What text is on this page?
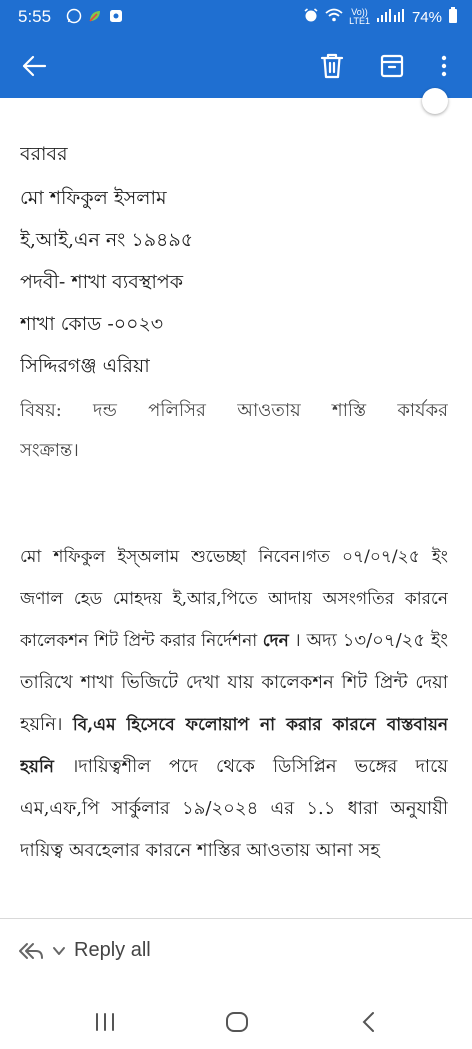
5:55	Vo))
LTE1	74%
বরাবর
মো শফিকুল ইসলাম
ই,আই,এন নং ১৯৪৯৫
পদবী- শাখা ব্যবস্থাপক
শাখা কোড -০০২৩
সিদ্দিরগঞ্জ এরিয়া
বিষয়: দন্ড পলিসির আওতায় শাস্তি কার্যকর
সংক্রান্ত।
মো শফিকুল ইস্অলাম শুভেচ্ছা নিবেন।গত ০৭/০৭/২৫ ইং জণাল হেড মোহদয় ই,আর,পিতে আদায় অসংগতির কারনে কালেকশন শিট প্রিন্ট করার নির্দেশনা দেন । অদ্য ১৩/০৭/২৫ ইং তারিখে শাখা ভিজিটে দেখা যায় কালেকশন শিট প্রিন্ট দেয়া হয়নি। বি,এম হিসেবে ফলোয়াপ না করার কারনে বাস্তবায়ন হয়নি ।দায়িত্বশীল পদে থেকে ডিসিপ্লিন ভঙ্গের দায়ে এম,এফ,পি সার্কুলার ১৯/২০২৪ এর ১.১ ধারা অনুযায়ী দায়িত্ব অবহেলার কারনে শাস্তির আওতায় আনা সহ
Reply all
